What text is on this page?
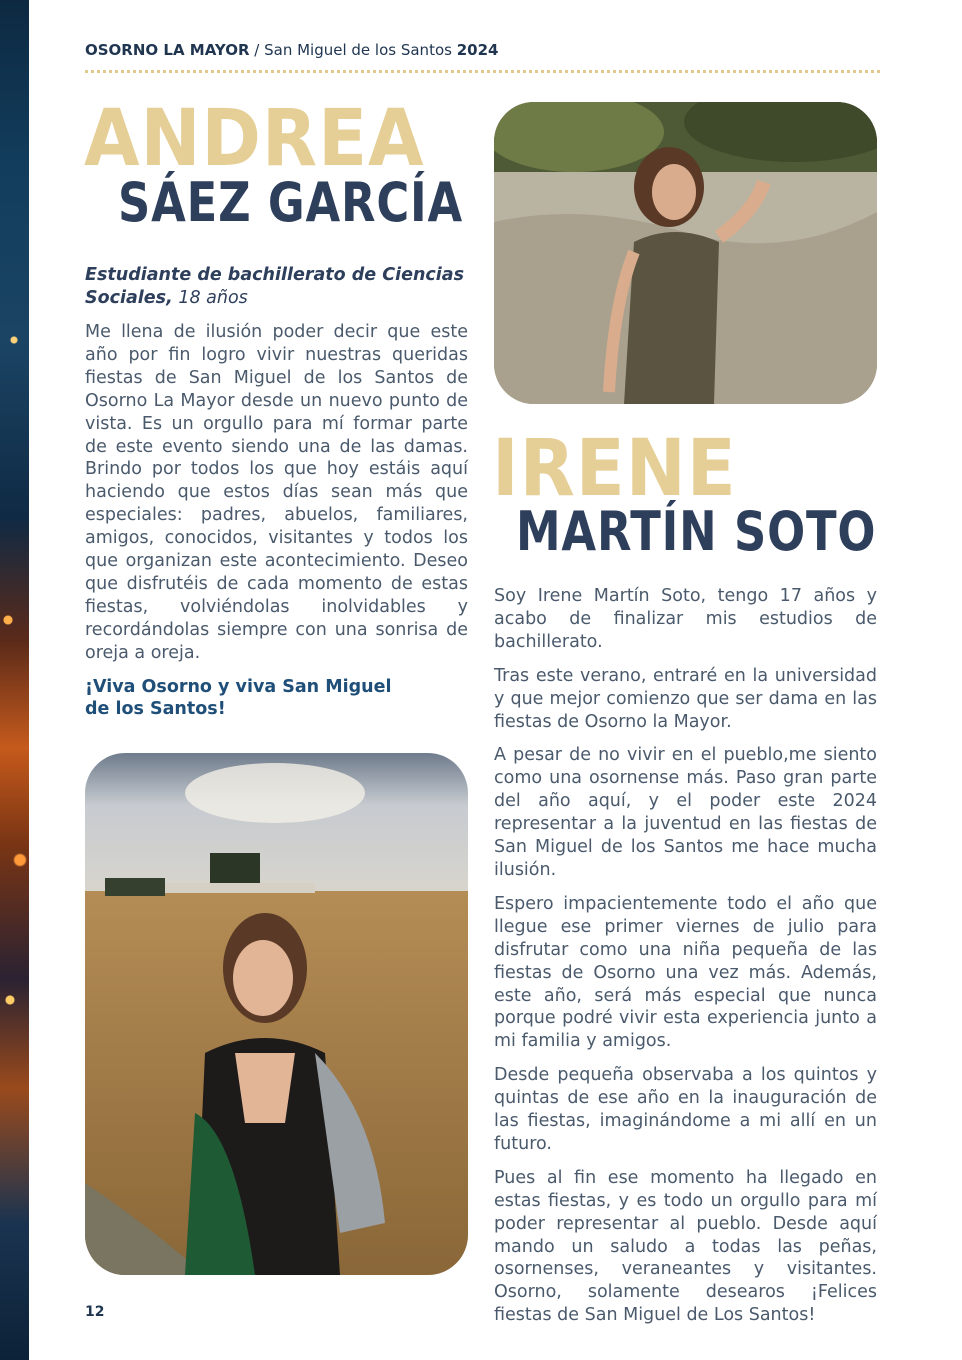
OSORNO LA MAYOR / San Miguel de los Santos 2024
ANDREA
SÁEZ GARCÍA
Estudiante de bachillerato de Ciencias Sociales, 18 años

Me llena de ilusión poder decir que este año por fin logro vivir nuestras queridas fiestas de San Miguel de los Santos de Osorno La Mayor desde un nuevo punto de vista. Es un orgullo para mí formar parte de este evento siendo una de las damas. Brindo por todos los que hoy estáis aquí haciendo que estos días sean más que especiales: padres, abuelos, familiares, amigos, conocidos, visitantes y todos los que organizan este acontecimiento. Deseo que disfrutéis de cada momento de estas fiestas, volviéndolas inolvidables y recordándolas siempre con una sonrisa de oreja a oreja.

¡Viva Osorno y viva San Miguel
de los Santos!
IRENE
MARTÍN SOTO

Soy Irene Martín Soto, tengo 17 años y acabo de finalizar mis estudios de bachillerato.

Tras este verano, entraré en la universidad y que mejor comienzo que ser dama en las fiestas de Osorno la Mayor.

A pesar de no vivir en el pueblo,me siento como una osornense más. Paso gran parte del año aquí, y el poder este 2024 representar a la juventud en las fiestas de San Miguel de los Santos me hace mucha ilusión.

Espero impacientemente todo el año que llegue ese primer viernes de julio para disfrutar como una niña pequeña de las fiestas de Osorno una vez más. Además, este año, será más especial que nunca porque podré vivir esta experiencia junto a mi familia y amigos.

Desde pequeña observaba a los quintos y quintas de ese año en la inauguración de las fiestas, imaginándome a mi allí en un futuro.

Pues al fin ese momento ha llegado en estas fiestas, y es todo un orgullo para mí poder representar al pueblo. Desde aquí mando un saludo a todas las peñas, osornenses, veraneantes y visitantes. Osorno, solamente desearos ¡Felices fiestas de San Miguel de Los Santos!

12
